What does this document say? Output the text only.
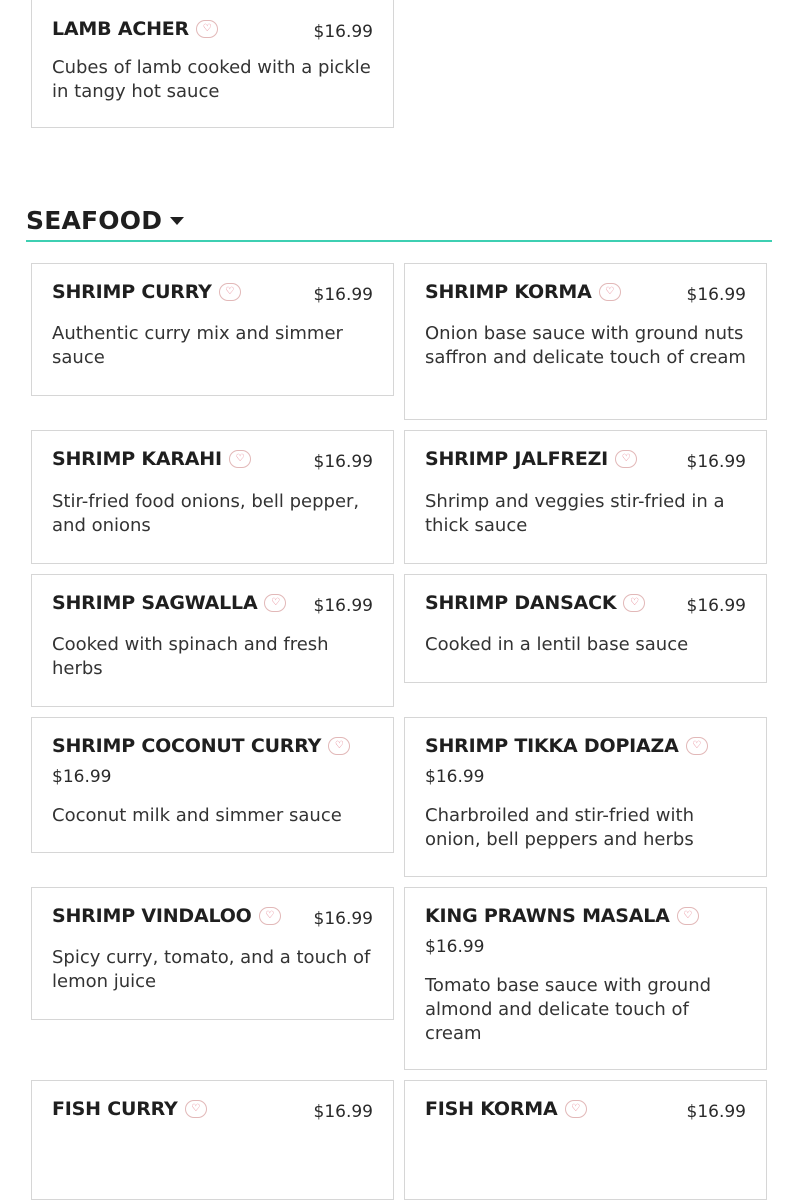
LAMB ACHER	♡	$16.99
Cubes of lamb cooked with a pickle in tangy hot sauce
SEAFOOD
SHRIMP CURRY	♡	$16.99
Authentic curry mix and simmer sauce
SHRIMP KORMA	♡	$16.99
Onion base sauce with ground nuts saffron and delicate touch of cream
SHRIMP KARAHI	♡	$16.99
Stir-fried food onions, bell pepper, and onions
SHRIMP JALFREZI	♡	$16.99
Shrimp and veggies stir-fried in a thick sauce
SHRIMP SAGWALLA	♡	$16.99
Cooked with spinach and fresh herbs
SHRIMP DANSACK	♡	$16.99
Cooked in a lentil base sauce
SHRIMP COCONUT CURRY	♡
$16.99
Coconut milk and simmer sauce
SHRIMP TIKKA DOPIAZA	♡
$16.99
Charbroiled and stir-fried with onion, bell peppers and herbs
SHRIMP VINDALOO	♡	$16.99
Spicy curry, tomato, and a touch of lemon juice
KING PRAWNS MASALA	♡
$16.99
Tomato base sauce with ground almond and delicate touch of cream
FISH CURRY	♡	$16.99	FISH KORMA	♡	$16.99
